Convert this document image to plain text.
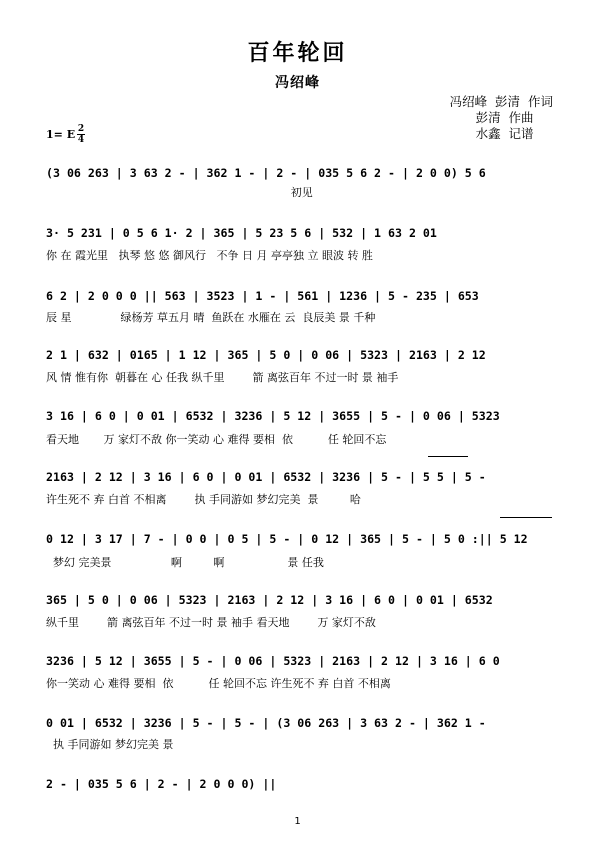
百年轮回
冯绍峰
冯绍峰  彭清  作词
彭清  作曲
水鑫  记谱
1= E 2
4
(3 06 263 | 3 63 2 - | 362 1 - | 2 - | 035 5 6 2 - | 2 0 0) 5 6
初见
3· 5 231 | 0 5 6 1· 2 | 365 | 5 23 5 6 | 532 | 1 63 2 01
你 在 霞光里   执琴 悠 悠 御风行   不争 日 月 亭亭独 立 眼波 转 胜
6 2 | 2 0 0 0 || 563 | 3523 | 1 - | 561 | 1236 | 5 - 235 | 653
辰 星              绿杨芳 草五月 晴  鱼跃在 水雁在 云  良辰美 景 千种
2 1 | 632 | 0165 | 1 12 | 365 | 5 0 | 0 06 | 5323 | 2163 | 2 12
风 情 惟有你  朝暮在 心 任我 纵千里        箭 离弦百年 不过一时 景 袖手
3 16 | 6 0 | 0 01 | 6532 | 3236 | 5 12 | 3655 | 5 - | 0 06 | 5323
看天地       万 家灯不敌 你一笑动 心 难得 要相  依          任 轮回不忘
2163 | 2 12 | 3 16 | 6 0 | 0 01 | 6532 | 3236 | 5 - | 5 5 | 5 -
许生死不 弃 白首 不相离        执 手同游如 梦幻完美  景         哈
0 12 | 3 17 | 7 - | 0 0 | 0 5 | 5 - | 0 12 | 365 | 5 - | 5 0 :|| 5 12
梦幻 完美景                 啊         啊                  景 任我
365 | 5 0 | 0 06 | 5323 | 2163 | 2 12 | 3 16 | 6 0 | 0 01 | 6532
纵千里        箭 离弦百年 不过一时 景 袖手 看天地        万 家灯不敌
3236 | 5 12 | 3655 | 5 - | 0 06 | 5323 | 2163 | 2 12 | 3 16 | 6 0
你一笑动 心 难得 要相  依          任 轮回不忘 许生死不 弃 白首 不相离
0 01 | 6532 | 3236 | 5 - | 5 - | (3 06 263 | 3 63 2 - | 362 1 -
执 手同游如 梦幻完美 景
2 - | 035 5 6 | 2 - | 2 0 0 0) ||
1
